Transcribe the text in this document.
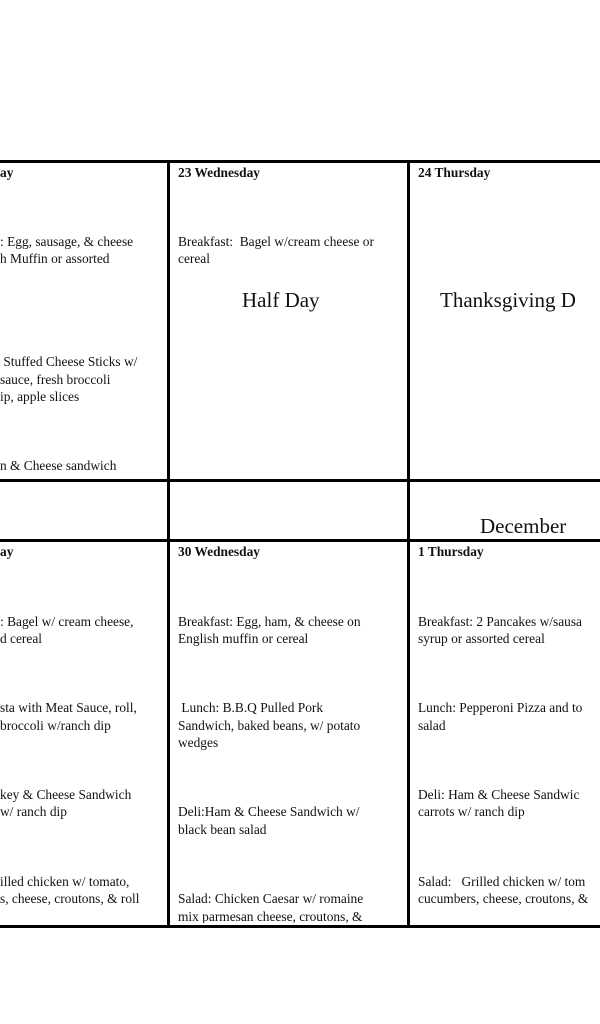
ay

: Egg, sausage, & cheese
h Muffin or assorted

Stuffed Cheese Sticks w/
sauce, fresh broccoli
ip, apple slices

n & Cheese sandwich

23 Wednesday

Breakfast:  Bagel w/cream cheese or
cereal

Half Day
24 Thursday
Thanksgiving D
December
ay

: Bagel w/ cream cheese,
d cereal

sta with Meat Sauce, roll,
broccoli w/ranch dip

key & Cheese Sandwich
w/ ranch dip

illed chicken w/ tomato,
s, cheese, croutons, & roll

30 Wednesday

Breakfast: Egg, ham, & cheese on
English muffin or cereal

Lunch: B.B.Q Pulled Pork
Sandwich, baked beans, w/ potato
wedges

Deli:Ham & Cheese Sandwich w/
black bean salad

Salad: Chicken Caesar w/ romaine
mix parmesan cheese, croutons, &

1 Thursday

Breakfast: 2 Pancakes w/sausa
syrup or assorted cereal

Lunch: Pepperoni Pizza and to
salad

Deli: Ham & Cheese Sandwic
carrots w/ ranch dip

Salad:   Grilled chicken w/ tom
cucumbers, cheese, croutons, &
